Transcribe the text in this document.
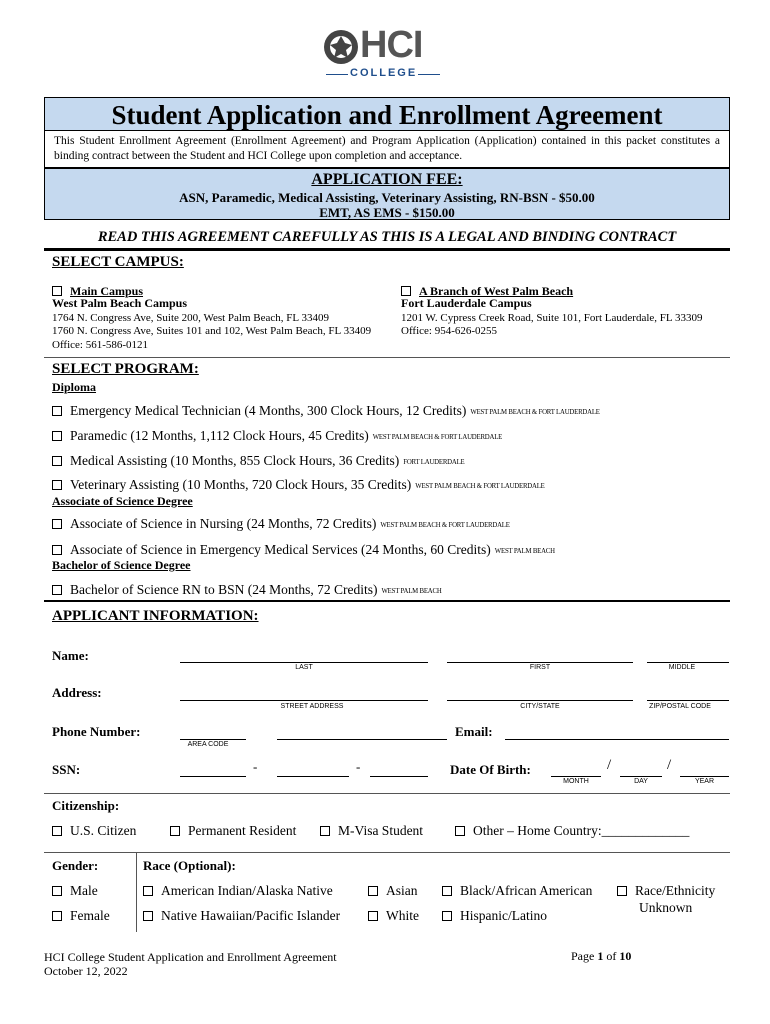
HCI
COLLEGE
Student Application and Enrollment Agreement
This Student Enrollment Agreement (Enrollment Agreement) and Program Application (Application) contained in this packet constitutes a binding contract between the Student and HCI College upon completion and acceptance.
APPLICATION FEE:
ASN, Paramedic, Medical Assisting, Veterinary Assisting, RN-BSN - $50.00
EMT, AS EMS - $150.00
READ THIS AGREEMENT CAREFULLY AS THIS IS A LEGAL AND BINDING CONTRACT
SELECT CAMPUS:
Main Campus
West Palm Beach Campus
1764 N. Congress Ave, Suite 200, West Palm Beach, FL 33409
1760 N. Congress Ave, Suites 101 and 102, West Palm Beach, FL 33409
Office: 561-586-0121
A Branch of West Palm Beach
Fort Lauderdale Campus
1201 W. Cypress Creek Road, Suite 101, Fort Lauderdale, FL 33309
Office: 954-626-0255
SELECT PROGRAM:
Diploma
Emergency Medical Technician (4 Months, 300 Clock Hours, 12 Credits) WEST PALM BEACH & FORT LAUDERDALE
Paramedic (12 Months, 1,112 Clock Hours, 45 Credits) WEST PALM BEACH & FORT LAUDERDALE
Medical Assisting (10 Months, 855 Clock Hours, 36 Credits) FORT LAUDERDALE
Veterinary Assisting (10 Months, 720 Clock Hours, 35 Credits) WEST PALM BEACH & FORT LAUDERDALE
Associate of Science Degree
Associate of Science in Nursing (24 Months, 72 Credits) WEST PALM BEACH & FORT LAUDERDALE
Associate of Science in Emergency Medical Services (24 Months, 60 Credits) WEST PALM BEACH
Bachelor of Science Degree
Bachelor of Science RN to BSN (24 Months, 72 Credits) WEST PALM BEACH
APPLICANT INFORMATION:
Name:
LAST	FIRST	MIDDLE
Address:
STREET ADDRESS	CITY/STATE	ZIP/POSTAL CODE
Phone Number:
AREA CODE
Email:
SSN:	-	-	Date Of Birth:
MONTH
/
DAY
/
YEAR
Citizenship:
U.S. Citizen	Permanent Resident	M-Visa Student	Other – Home Country:_____________
Gender:	Race (Optional):
Male
Female
American Indian/Alaska Native
Native Hawaiian/Pacific Islander
Asian
White
Black/African American
Hispanic/Latino
Race/Ethnicity
Unknown
HCI College Student Application and Enrollment Agreement
October 12, 2022
Page 1 of 10
